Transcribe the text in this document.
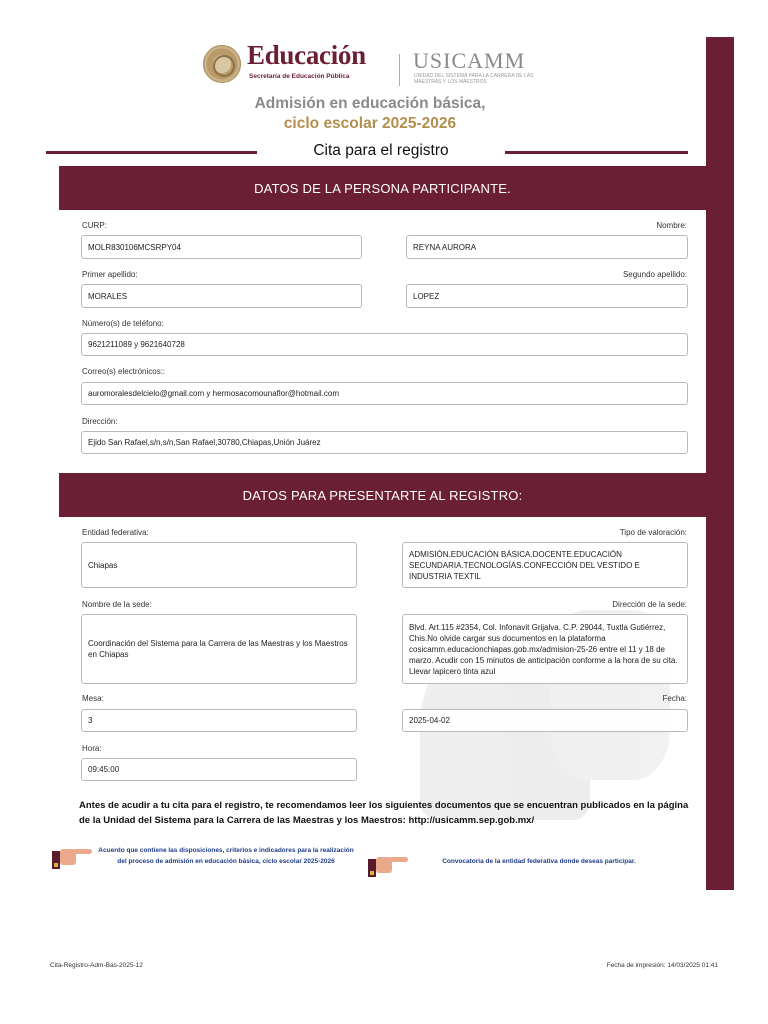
Educación
Secretaría de Educación Pública
USICAMM
UNIDAD DEL SISTEMA PARA LA CARRERA DE LAS MAESTRAS Y LOS MAESTROS
Admisión en educación básica,
ciclo escolar 2025-2026
Cita para el registro
DATOS DE LA PERSONA PARTICIPANTE.
CURP:	Nombre:
MOLR830106MCSRPY04	REYNA AURORA
Primer apellido:	Segundo apellido:
MORALES	LOPEZ
Número(s) de teléfono:
9621211089 y 9621640728
Correo(s) electrónicos::
auromoralesdelcielo@gmail.com y hermosacomounaflor@hotmail.com
Dirección:
Ejido San Rafael,s/n,s/n,San Rafael,30780,Chiapas,Unión Juárez
DATOS PARA PRESENTARTE AL REGISTRO:
Entidad federativa:	Tipo de valoración:
Chiapas
ADMISIÓN.EDUCACIÓN BÁSICA.DOCENTE.EDUCACIÓN SECUNDARIA.TECNOLOGÍAS.CONFECCIÓN DEL VESTIDO E INDUSTRIA TEXTIL
Nombre de la sede:	Dirección de la sede:
Coordinación del Sistema para la Carrera de las Maestras y los Maestros en Chiapas
Blvd. Art.115 #2354, Col. Infonavit Grijalva. C.P. 29044, Tuxtla Gutiérrez, Chis.No olvide cargar sus documentos en la plataforma cosicamm.educacionchiapas.gob.mx/admision-25-26 entre el 11 y 18 de marzo. Acudir con 15 minutos de anticipación conforme a la hora de su cita. Llevar lapicero tinta azul
Mesa:	Fecha:
3	2025-04-02
Hora:
09:45:00
Antes de acudir a tu cita para el registro, te recomendamos leer los siguientes documentos que se encuentran publicados en la página de la Unidad del Sistema para la Carrera de las Maestras y los Maestros: http://usicamm.sep.gob.mx/
Acuerdo que contiene las disposiciones, criterios e indicadores para la realización del proceso de admisión en educación básica, ciclo escolar 2025-2026	Convocatoria de la entidad federativa donde deseas participar.
Cita-Registro-Adm-Bas-2025-12	Fecha de impresión: 14/03/2025 01:41
